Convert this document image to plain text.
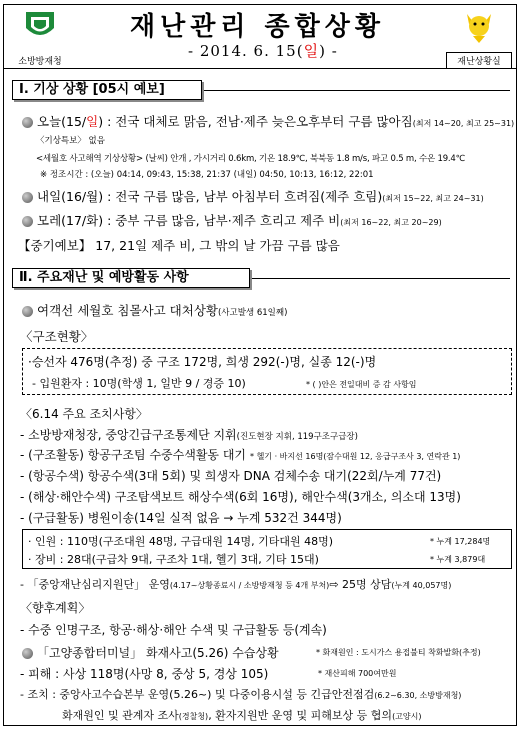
소방방재청
재난관리 종합상황
- 2014. 6. 15(일) -
재난상황실
Ⅰ. 기상 상황 [05시 예보]
오늘(15/일) : 전국 대체로 맑음, 전남·제주 늦은오후부터 구름 많아짐(최저 14~20, 최고 25~31)
〈기상특보〉 없음
<세월호 사고해역 기상상황> (날씨) 안개 , 가시거리 0.6km, 기온 18.9℃, 북북동 1.8 m/s, 파고 0.5 m, 수온 19.4℃
※ 정조시간 : (오늘) 04:14, 09:43, 15:38, 21:37 (내일) 04:50, 10:13, 16:12, 22:01
내일(16/월) : 전국 구름 많음, 남부 아침부터 흐려짐(제주 흐림)(최저 15~22, 최고 24~31)
모레(17/화) : 중부 구름 많음, 남부·제주 흐리고 제주 비(최저 16~22, 최고 20~29)
【중기예보】 17, 21일 제주 비, 그 밖의 날 가끔 구름 많음
Ⅱ. 주요재난 및 예방활동 사항
여객선 세월호 침몰사고 대처상황(사고발생 61일째)
〈구조현황〉
·승선자 476명(추정) 중 구조 172명, 희생 292(-)명, 실종 12(-)명
- 입원환자 : 10명(학생 1, 일반 9 / 경증 10)	* ( )안은 전일대비 증 감 사항임
〈6.14 주요 조치사항〉
- 소방방재청장, 중앙긴급구조통제단 지휘(진도현장 지휘, 119구조구급장)
- (구조활동) 항공구조팀 수중수색활동 대기 * 헬기 · 바지선 16명(잠수대원 12, 응급구조사 3, 연락관 1)
- (항공수색) 항공수색(3대 5회) 및 희생자 DNA 검체수송 대기(22회/누계 77건)
- (해상·해안수색) 구조탐색보트 해상수색(6회 16명), 해안수색(3개소, 의소대 13명)
- (구급활동) 병원이송(14일 실적 없음 → 누계 532건 344명)
· 인원 : 110명(구조대원 48명, 구급대원 14명, 기타대원 48명)	* 누계 17,284명
· 장비 : 28대(구급차 9대, 구조차 1대, 헬기 3대, 기타 15대)	* 누계 3,879대
- 「중앙재난심리지원단」 운영(4.17~상황종료시 / 소방방재청 등 4개 부처)⇨ 25명 상담(누계 40,057명)
〈향후계획〉
- 수중 인명구조, 항공·해상·해안 수색 및 구급활동 등(계속)
「고양종합터미널」 화재사고(5.26) 수습상황	* 화재원인 : 도시가스 용접불티 착화발화(추정)
- 피해 : 사상 118명(사망 8, 중상 5, 경상 105)	* 재산피해 700여만원
- 조치 : 중앙사고수습본부 운영(5.26~) 및 다중이용시설 등 긴급안전점검(6.2~6.30, 소방방재청)
화재원인 및 관계자 조사(경찰청), 환자지원반 운영 및 피해보상 등 협의(고양시)
